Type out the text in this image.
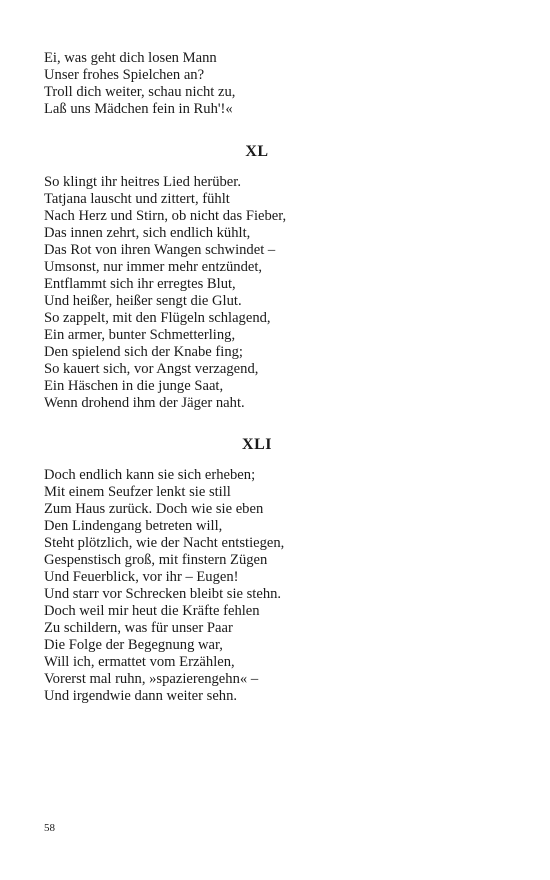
Ei, was geht dich losen Mann
Unser frohes Spielchen an?
Troll dich weiter, schau nicht zu,
Laß uns Mädchen fein in Ruh'!«
XL
So klingt ihr heitres Lied herüber.
Tatjana lauscht und zittert, fühlt
Nach Herz und Stirn, ob nicht das Fieber,
Das innen zehrt, sich endlich kühlt,
Das Rot von ihren Wangen schwindet –
Umsonst, nur immer mehr entzündet,
Entflammt sich ihr erregtes Blut,
Und heißer, heißer sengt die Glut.
So zappelt, mit den Flügeln schlagend,
Ein armer, bunter Schmetterling,
Den spielend sich der Knabe fing;
So kauert sich, vor Angst verzagend,
Ein Häschen in die junge Saat,
Wenn drohend ihm der Jäger naht.
XLI
Doch endlich kann sie sich erheben;
Mit einem Seufzer lenkt sie still
Zum Haus zurück. Doch wie sie eben
Den Lindengang betreten will,
Steht plötzlich, wie der Nacht entstiegen,
Gespenstisch groß, mit finstern Zügen
Und Feuerblick, vor ihr – Eugen!
Und starr vor Schrecken bleibt sie stehn.
Doch weil mir heut die Kräfte fehlen
Zu schildern, was für unser Paar
Die Folge der Begegnung war,
Will ich, ermattet vom Erzählen,
Vorerst mal ruhn, »spazierengehn« –
Und irgendwie dann weiter sehn.
58
